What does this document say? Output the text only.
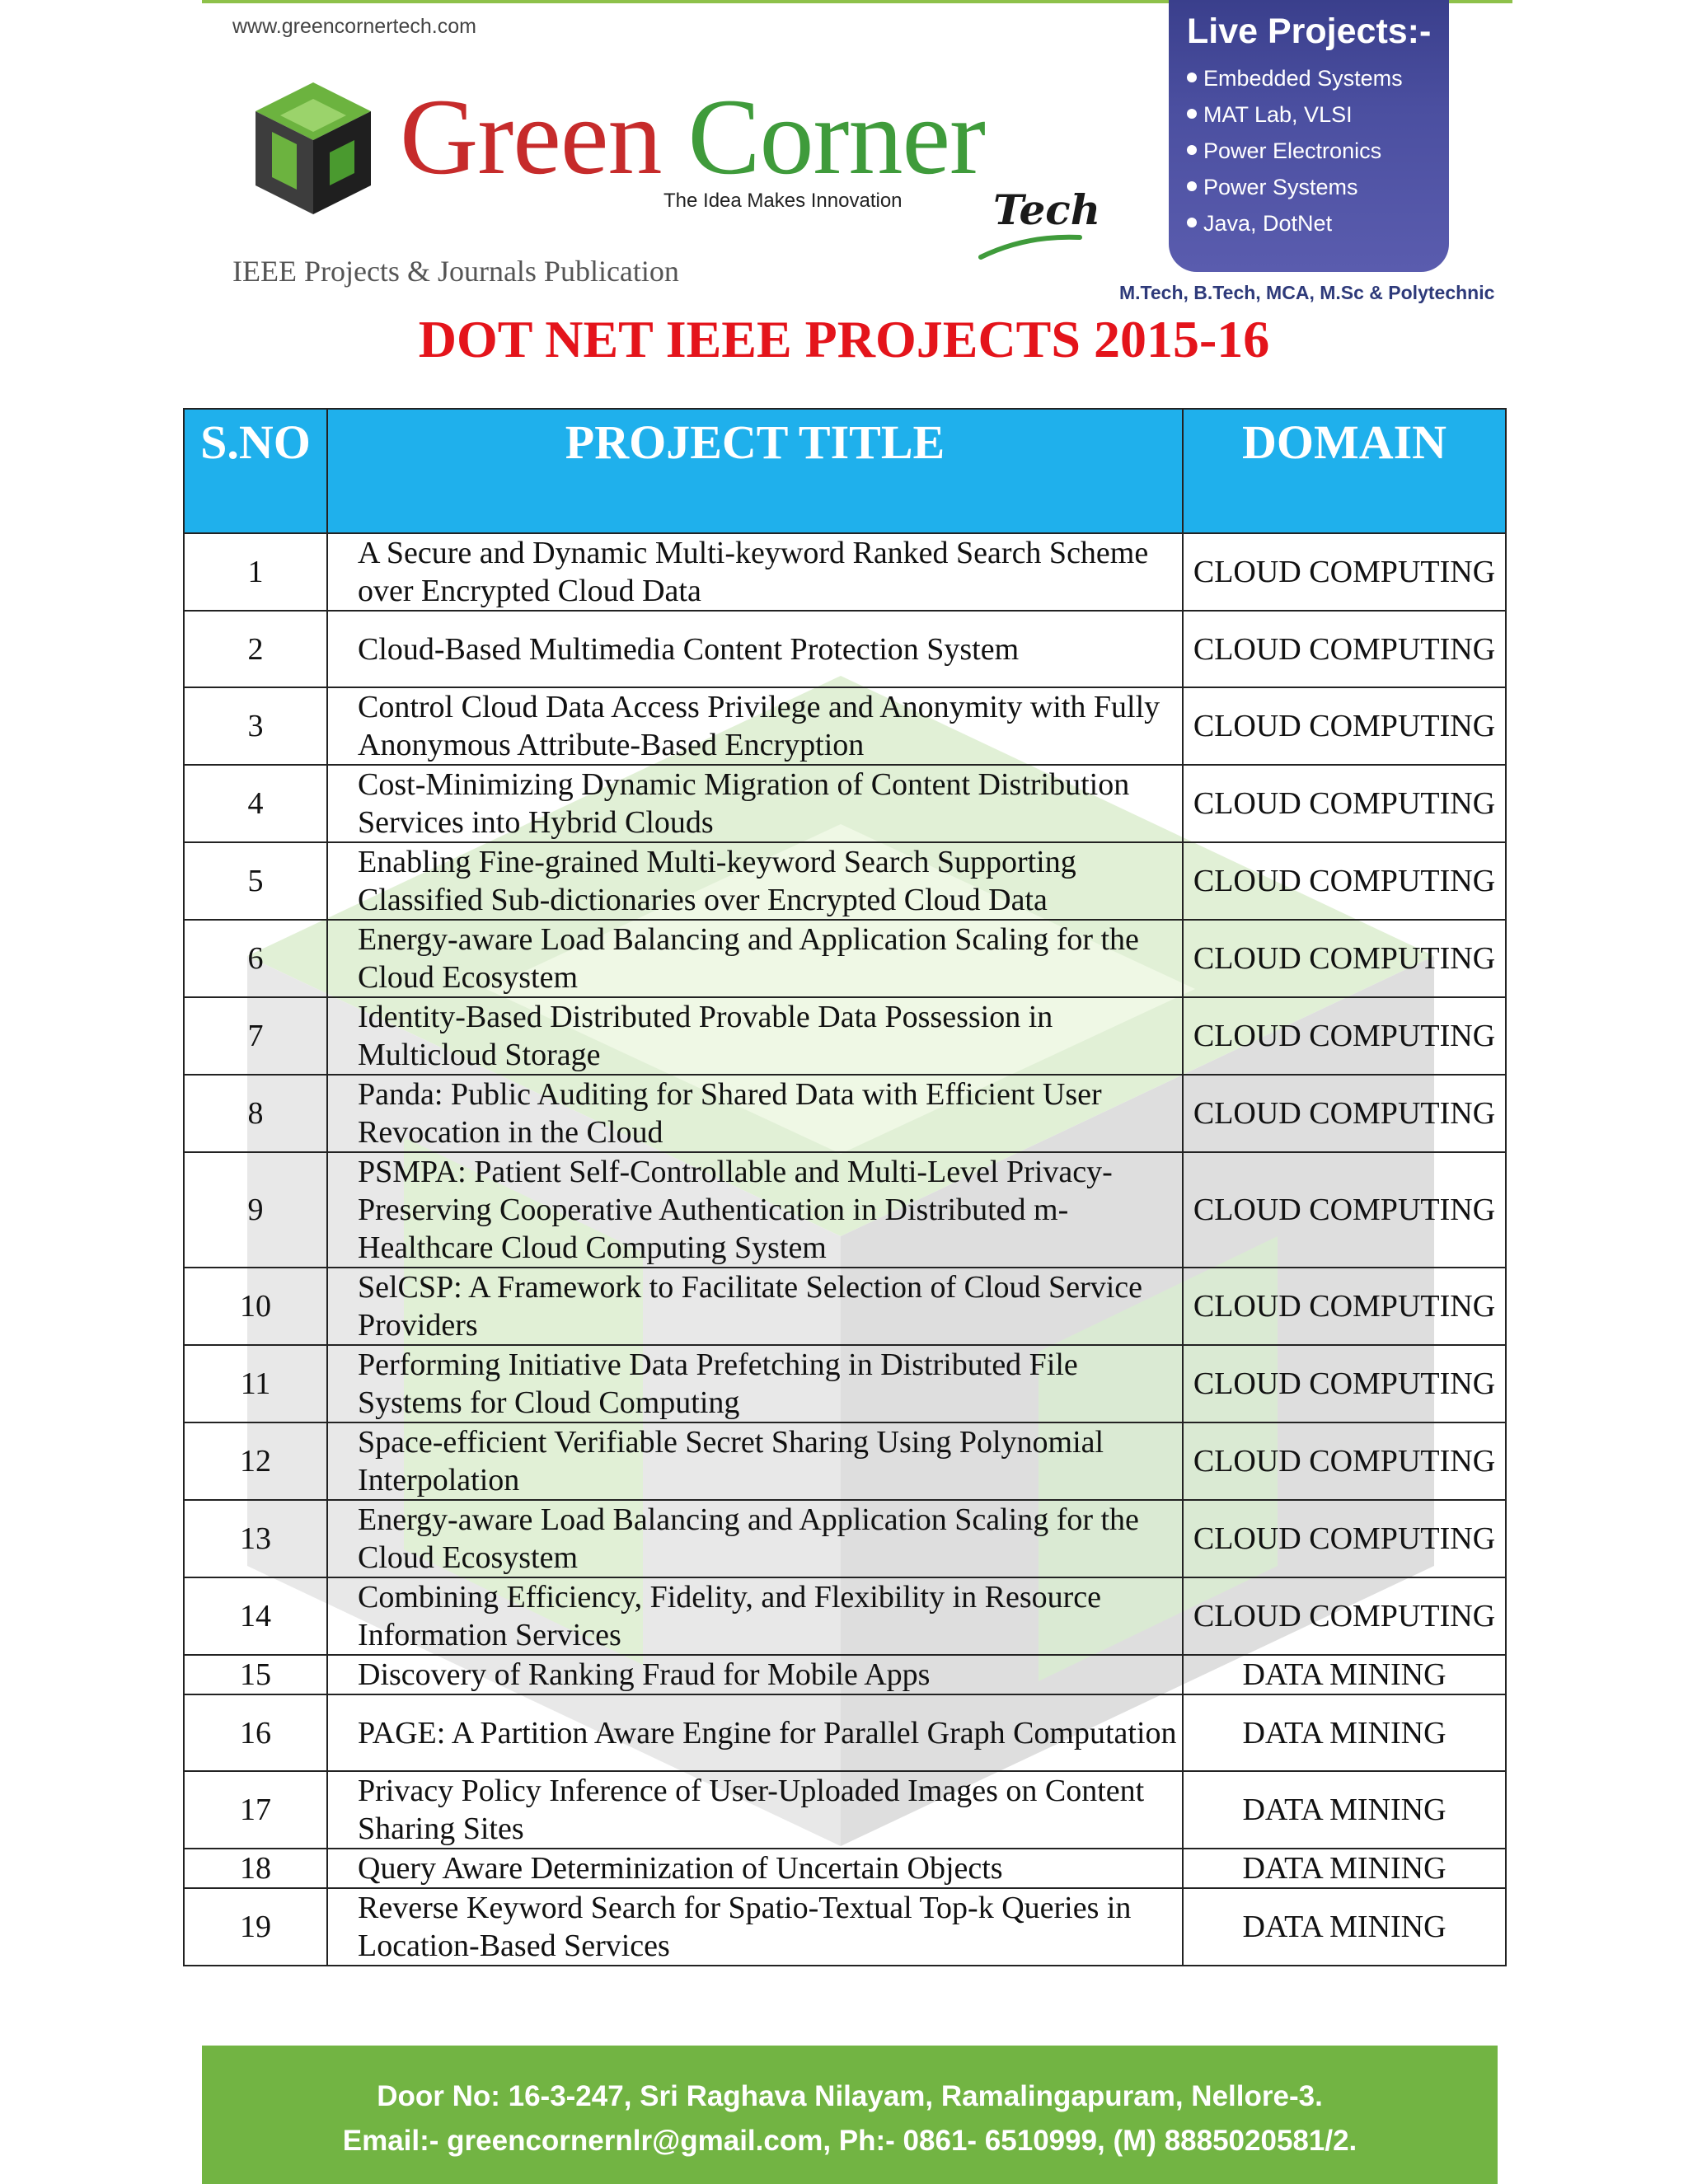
www.greencornertech.com
Green Corner
The Idea Makes Innovation Tech
IEEE Projects & Journals Publication
Live Projects:-
Embedded Systems
MAT Lab, VLSI
Power Electronics
Power Systems
Java, DotNet
M.Tech, B.Tech, MCA, M.Sc & Polytechnic
DOT NET IEEE PROJECTS 2015-16
S.NO	PROJECT TITLE	DOMAIN
1	A Secure and Dynamic Multi-keyword Ranked Search Scheme over Encrypted Cloud Data	CLOUD COMPUTING
2	Cloud-Based Multimedia Content Protection System	CLOUD COMPUTING
3	Control Cloud Data Access Privilege and Anonymity with Fully Anonymous Attribute-Based Encryption	CLOUD COMPUTING
4	Cost-Minimizing Dynamic Migration of Content Distribution Services into Hybrid Clouds	CLOUD COMPUTING
5	Enabling Fine-grained Multi-keyword Search Supporting Classified Sub-dictionaries over Encrypted Cloud Data	CLOUD COMPUTING
6	Energy-aware Load Balancing and Application Scaling for the Cloud Ecosystem	CLOUD COMPUTING
7	Identity-Based Distributed Provable Data Possession in Multicloud Storage	CLOUD COMPUTING
8	Panda: Public Auditing for Shared Data with Efficient User Revocation in the Cloud	CLOUD COMPUTING
9	PSMPA: Patient Self-Controllable and Multi-Level Privacy- Preserving Cooperative Authentication in Distributed m- Healthcare Cloud Computing System	CLOUD COMPUTING
10	SelCSP: A Framework to Facilitate Selection of Cloud Service Providers	CLOUD COMPUTING
11	Performing Initiative Data Prefetching in Distributed File Systems for Cloud Computing	CLOUD COMPUTING
12	Space-efficient Verifiable Secret Sharing Using Polynomial Interpolation	CLOUD COMPUTING
13	Energy-aware Load Balancing and Application Scaling for the Cloud Ecosystem	CLOUD COMPUTING
14	Combining Efficiency, Fidelity, and Flexibility in Resource Information Services	CLOUD COMPUTING
15	Discovery of Ranking Fraud for Mobile Apps	DATA MINING
16	PAGE: A Partition Aware Engine for Parallel Graph Computation	DATA MINING
17	Privacy Policy Inference of User-Uploaded Images on Content Sharing Sites	DATA MINING
18	Query Aware Determinization of Uncertain Objects	DATA MINING
19	Reverse Keyword Search for Spatio-Textual Top-k Queries in Location-Based Services	DATA MINING
Door No: 16-3-247, Sri Raghava Nilayam, Ramalingapuram, Nellore-3.
Email:- greencornernlr@gmail.com, Ph:- 0861- 6510999, (M) 8885020581/2.
